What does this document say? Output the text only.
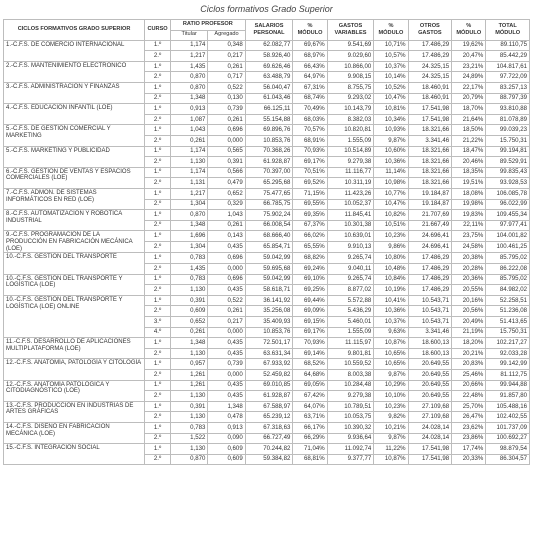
Ciclos formativos Grado Superior
CICLOS FORMATIVOS GRADO SUPERIOR	CURSO	RATIO PROFESOR		SALARIOS PERSONAL	% MÓDULO	GASTOS VARIABLES	% MÓDULO	OTROS GASTOS	% MÓDULO	TOTAL MÓDULO
		Titular	Agregado							
1.-C.F.S. DE COMERCIO INTERNACIONAL	1.º	1,174	0,348	62.082,77	69,67%	9.541,69	10,71%	17.486,29	19,62%	89.110,75
	2.º	1,217	0,217	58.926,40	68,97%	9.029,60	10,57%	17.486,29	20,47%	85.442,29
2.-C.F.S. MANTENIMIENTO ELECTRÓNICO	1.º	1,435	0,261	69.626,46	66,43%	10.866,00	10,37%	24.325,15	23,21%	104.817,61
	2.º	0,870	0,717	63.488,79	64,97%	9.908,15	10,14%	24.325,15	24,89%	97.722,09
3.-C.F.S. ADMINISTRACIÓN Y FINANZAS	1.º	0,870	0,522	56.040,47	67,31%	8.755,75	10,52%	18.460,91	22,17%	83.257,13
	2.º	1,348	0,130	61.043,46	68,74%	9.293,02	10,47%	18.460,91	20,79%	88.797,39
4.-C.F.S. EDUCACIÓN INFANTIL (LOE)	1.º	0,913	0,739	66.125,11	70,49%	10.143,79	10,81%	17.541,98	18,70%	93.810,88
	2.º	1,087	0,261	55.154,88	68,03%	8.382,03	10,34%	17.541,98	21,64%	81.078,89
5.-C.F.S. DE GESTIÓN COMERCIAL Y MARKETING	1.º	1,043	0,696	69.896,76	70,57%	10.820,81	10,93%	18.321,66	18,50%	99.039,23
	2.º	0,261	0,000	10.853,76	68,91%	1.555,09	9,87%	3.341,46	21,22%	15.750,31
5.-C.F.S. MARKETING Y PUBLICIDAD	1.º	1,174	0,565	70.368,26	70,93%	10.514,89	10,60%	18.321,66	18,47%	99.194,81
	2.º	1,130	0,391	61.928,87	69,17%	9.279,38	10,36%	18.321,66	20,46%	89.529,91
6.-C.F.S. GESTIÓN DE VENTAS Y ESPACIOS COMERCIALES (LOE)	1.º	1,174	0,566	70.397,00	70,51%	11.116,77	11,14%	18.321,66	18,35%	99.835,43
	2.º	1,131	0,479	65.295,68	69,52%	10.311,19	10,98%	18.321,66	19,51%	93.928,53
7.-C.F.S. ADMÓN. DE SISTEMAS INFORMÁTICOS EN RED (LOE)	1.º	1,217	0,652	75.477,65	71,15%	11.423,26	10,77%	19.184,87	18,08%	106.085,78
	2.º	1,304	0,329	66.785,75	69,55%	10.052,37	10,47%	19.184,87	19,98%	96.022,99
8.-C.F.S. AUTOMATIZACIÓN Y ROBÓTICA INDUSTRIAL	1.º	0,870	1,043	75.902,24	69,35%	11.845,41	10,82%	21.707,69	19,83%	109.455,34
	2.º	1,348	0,261	66.008,54	67,37%	10.301,38	10,51%	21.667,49	22,11%	97.977,41
9.-C.F.S. PROGRAMACIÓN DE LA PRODUCCIÓN EN FABRICACIÓN MECÁNICA (LOE)	1.º	1,696	0,143	68.666,40	66,02%	10.639,01	10,23%	24.696,41	23,75%	104.001,82
	2.º	1,304	0,435	65.854,71	65,55%	9.910,13	9,86%	24.696,41	24,58%	100.461,25
10.-C.F.S. GESTIÓN DEL TRANSPORTE	1.º	0,783	0,696	59.042,99	68,82%	9.265,74	10,80%	17.486,29	20,38%	85.795,02
	2.º	1,435	0,000	59.695,68	69,24%	9.040,11	10,48%	17.486,29	20,28%	86.222,08
10.-C.F.S. GESTIÓN DEL TRANSPORTE Y LOGÍSTICA (LOE)	1.º	0,783	0,696	59.042,99	69,10%	9.265,74	10,84%	17.486,29	20,36%	85.795,02
	2.º	1,130	0,435	58.618,71	69,25%	8.877,02	10,19%	17.486,29	20,55%	84.982,02
10.-C.F.S. GESTIÓN DEL TRANSPORTE Y LOGÍSTICA (LOE) ONLINE	1.º	0,391	0,522	36.141,92	69,44%	5.572,88	10,41%	10.543,71	20,16%	52.258,51
	2.º	0,609	0,261	35.256,08	69,09%	5.436,29	10,36%	10.543,71	20,56%	51.236,08
	3.º	0,652	0,217	35.409,93	69,15%	5.460,01	10,37%	10.543,71	20,49%	51.413,65
	4.º	0,261	0,000	10.853,76	69,17%	1.555,09	9,63%	3.341,46	21,19%	15.750,31
11.-C.F.S. DESARROLLO DE APLICACIONES MULTIPLATAFORMA (LOE)	1.º	1,348	0,435	72.501,17	70,93%	11.115,97	10,87%	18.600,13	18,20%	102.217,27
	2.º	1,130	0,435	63.631,34	69,14%	9.801,81	10,65%	18.600,13	20,21%	92.033,28
12.-C.F.S. ANATOMÍA, PATOLOGÍA Y CITOLOGÍA	1.º	0,957	0,739	67.933,92	68,52%	10.559,52	10,65%	20.649,55	20,83%	99.142,99
	2.º	1,261	0,000	52.459,82	64,68%	8.003,38	9,87%	20.649,55	25,46%	81.112,75
12.-C.F.S. ANATOMÍA PATOLÓGICA Y CITODIAGNÓSTICO (LOE)	1.º	1,261	0,435	69.010,85	69,05%	10.284,48	10,29%	20.649,55	20,66%	99.944,88
	2.º	1,130	0,435	61.928,87	67,42%	9.279,38	10,10%	20.649,55	22,48%	91.857,80
13.-C.F.S. PRODUCCIÓN EN INDUSTRIAS DE ARTES GRÁFICAS	1.º	0,391	1,348	67.588,97	64,07%	10.789,51	10,23%	27.109,68	25,70%	105.488,16
	2.º	1,130	0,478	65.239,12	63,71%	10.053,75	9,82%	27.109,68	26,47%	102.402,55
14.-C.F.S. DISEÑO EN FABRICACIÓN MECÁNICA (LOE)	1.º	0,783	0,913	67.318,63	66,17%	10.390,32	10,21%	24.028,14	23,62%	101.737,09
	2.º	1,522	0,090	66.727,49	66,29%	9.936,64	9,87%	24.028,14	23,86%	100.692,27
15.-C.F.S. INTEGRACIÓN SOCIAL	1.º	1,130	0,609	70.244,82	71,04%	11.092,74	11,22%	17.541,98	17,74%	98.879,54
	2.º	0,870	0,609	59.384,82	68,81%	9.377,77	10,87%	17.541,98	20,33%	86.304,57
